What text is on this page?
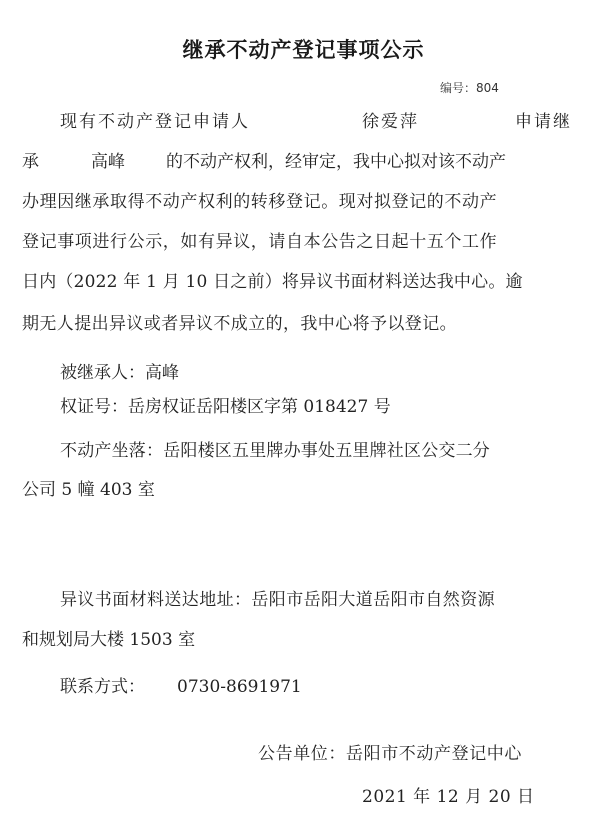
继承不动产登记事项公示
编号：804
现有不动产登记申请人	徐爱萍	申请继
承	高峰 的不动产权利，经审定，我中心拟对该不动产
办理因继承取得不动产权利的转移登记。现对拟登记的不动产
登记事项进行公示，如有异议，请自本公告之日起十五个工作
日内（2022 年 1 月 10 日之前）将异议书面材料送达我中心。逾
期无人提出异议或者异议不成立的，我中心将予以登记。
被继承人：高峰
权证号：岳房权证岳阳楼区字第 018427 号
不动产坐落：岳阳楼区五里牌办事处五里牌社区公交二分
公司 5 幢 403 室
异议书面材料送达地址：岳阳市岳阳大道岳阳市自然资源
和规划局大楼 1503 室
联系方式： 0730-8691971
公告单位：岳阳市不动产登记中心
2021 年 12 月 20 日
